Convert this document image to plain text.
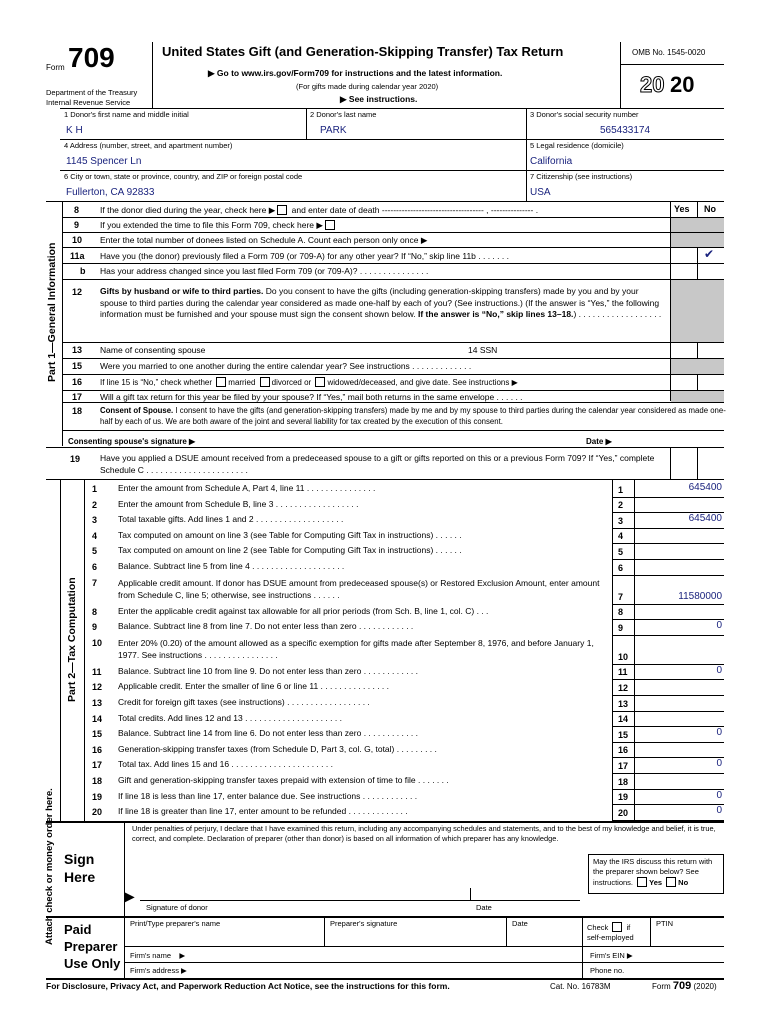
Form 709
Department of the Treasury
Internal Revenue Service
United States Gift (and Generation-Skipping Transfer) Tax Return
▶ Go to www.irs.gov/Form709 for instructions and the latest information.
(For gifts made during calendar year 2020)
▶ See instructions.
OMB No. 1545-0020
20 20
1 Donor's first name and middle initial
K H
2 Donor's last name
PARK
3 Donor's social security number
565433174
4 Address (number, street, and apartment number)
1145 Spencer Ln
5 Legal residence (domicile)
California
6 City or town, state or province, country, and ZIP or foreign postal code
Fullerton, CA 92833
7 Citizenship (see instructions)
USA
Part 1—General Information
Yes No
8 If the donor died during the year, check here ▶ and enter date of death ------------------------------------ , --------------- .
9 If you extended the time to file this Form 709, check here ▶
10 Enter the total number of donees listed on Schedule A. Count each person only once ▶
11a Have you (the donor) previously filed a Form 709 (or 709-A) for any other year? If “No,” skip line 11b . . . . . . .	✔
b Has your address changed since you last filed Form 709 (or 709-A)? . . . . . . . . . . . . . . .
12 Gifts by husband or wife to third parties. Do you consent to have the gifts (including generation-skipping transfers) made by you and by your spouse to third parties during the calendar year considered as made one-half by each of you? (See instructions.) (If the answer is “Yes,” the following information must be furnished and your spouse must sign the consent shown below. If the answer is “No,” skip lines 13–18.) . . . . . . . . . . . . . . . . . .
13 Name of consenting spouse	14 SSN
15 Were you married to one another during the entire calendar year? See instructions . . . . . . . . . . . . .
16 If line 15 is “No,” check whether married divorced or widowed/deceased, and give date. See instructions ▶
17 Will a gift tax return for this year be filed by your spouse? If “Yes,” mail both returns in the same envelope . . . . . .
18 Consent of Spouse. I consent to have the gifts (and generation-skipping transfers) made by me and by my spouse to third parties during the calendar year considered as made one-half by each of us. We are both aware of the joint and several liability for tax created by the execution of this consent.
Consenting spouse's signature ▶	Date ▶
19 Have you applied a DSUE amount received from a predeceased spouse to a gift or gifts reported on this or a previous Form 709? If “Yes,” complete Schedule C . . . . . . . . . . . . . . . . . . . . . .
Part 2—Tax Computation
Attach check or money order here.
1	Enter the amount from Schedule A, Part 4, line 11 . . . . . . . . . . . . . . .	1	645400
2	Enter the amount from Schedule B, line 3 . . . . . . . . . . . . . . . . . .	2
3	Total taxable gifts. Add lines 1 and 2 . . . . . . . . . . . . . . . . . . .	3	645400
4	Tax computed on amount on line 3 (see Table for Computing Gift Tax in instructions) . . . . . .	4
5	Tax computed on amount on line 2 (see Table for Computing Gift Tax in instructions) . . . . . .	5
6	Balance. Subtract line 5 from line 4 . . . . . . . . . . . . . . . . . . . .	6
7	Applicable credit amount. If donor has DSUE amount from predeceased spouse(s) or Restored Exclusion Amount, enter amount from Schedule C, line 5; otherwise, see instructions . . . . . .	7	11580000
8	Enter the applicable credit against tax allowable for all prior periods (from Sch. B, line 1, col. C) . . .	8
9	Balance. Subtract line 8 from line 7. Do not enter less than zero . . . . . . . . . . . .	9	0
10	Enter 20% (0.20) of the amount allowed as a specific exemption for gifts made after September 8, 1976, and before January 1, 1977. See instructions . . . . . . . . . . . . . . . .	10
11	Balance. Subtract line 10 from line 9. Do not enter less than zero . . . . . . . . . . . .	11	0
12	Applicable credit. Enter the smaller of line 6 or line 11 . . . . . . . . . . . . . . .	12
13	Credit for foreign gift taxes (see instructions) . . . . . . . . . . . . . . . . . .	13
14	Total credits. Add lines 12 and 13 . . . . . . . . . . . . . . . . . . . . .	14
15	Balance. Subtract line 14 from line 6. Do not enter less than zero . . . . . . . . . . . .	15	0
16	Generation-skipping transfer taxes (from Schedule D, Part 3, col. G, total) . . . . . . . . .	16
17	Total tax. Add lines 15 and 16 . . . . . . . . . . . . . . . . . . . . . .	17	0
18	Gift and generation-skipping transfer taxes prepaid with extension of time to file . . . . . . .	18
19	If line 18 is less than line 17, enter balance due. See instructions . . . . . . . . . . . .	19	0
20	If line 18 is greater than line 17, enter amount to be refunded . . . . . . . . . . . . .	20	0
Under penalties of perjury, I declare that I have examined this return, including any accompanying schedules and statements, and to the best of my knowledge and belief, it is true, correct, and complete. Declaration of preparer (other than donor) is based on all information of which preparer has any knowledge.
Sign
Here
▶
May the IRS discuss this return with the preparer shown below? See instructions. Yes No
Signature of donor	Date
Paid
Preparer
Use Only
Print/Type preparer's name	Preparer's signature	Date	Check if
self-employed
PTIN
Firm's name    ▶	Firm's EIN ▶
Firm's address ▶	Phone no.
For Disclosure, Privacy Act, and Paperwork Reduction Act Notice, see the instructions for this form.	Cat. No. 16783M	Form 709 (2020)
